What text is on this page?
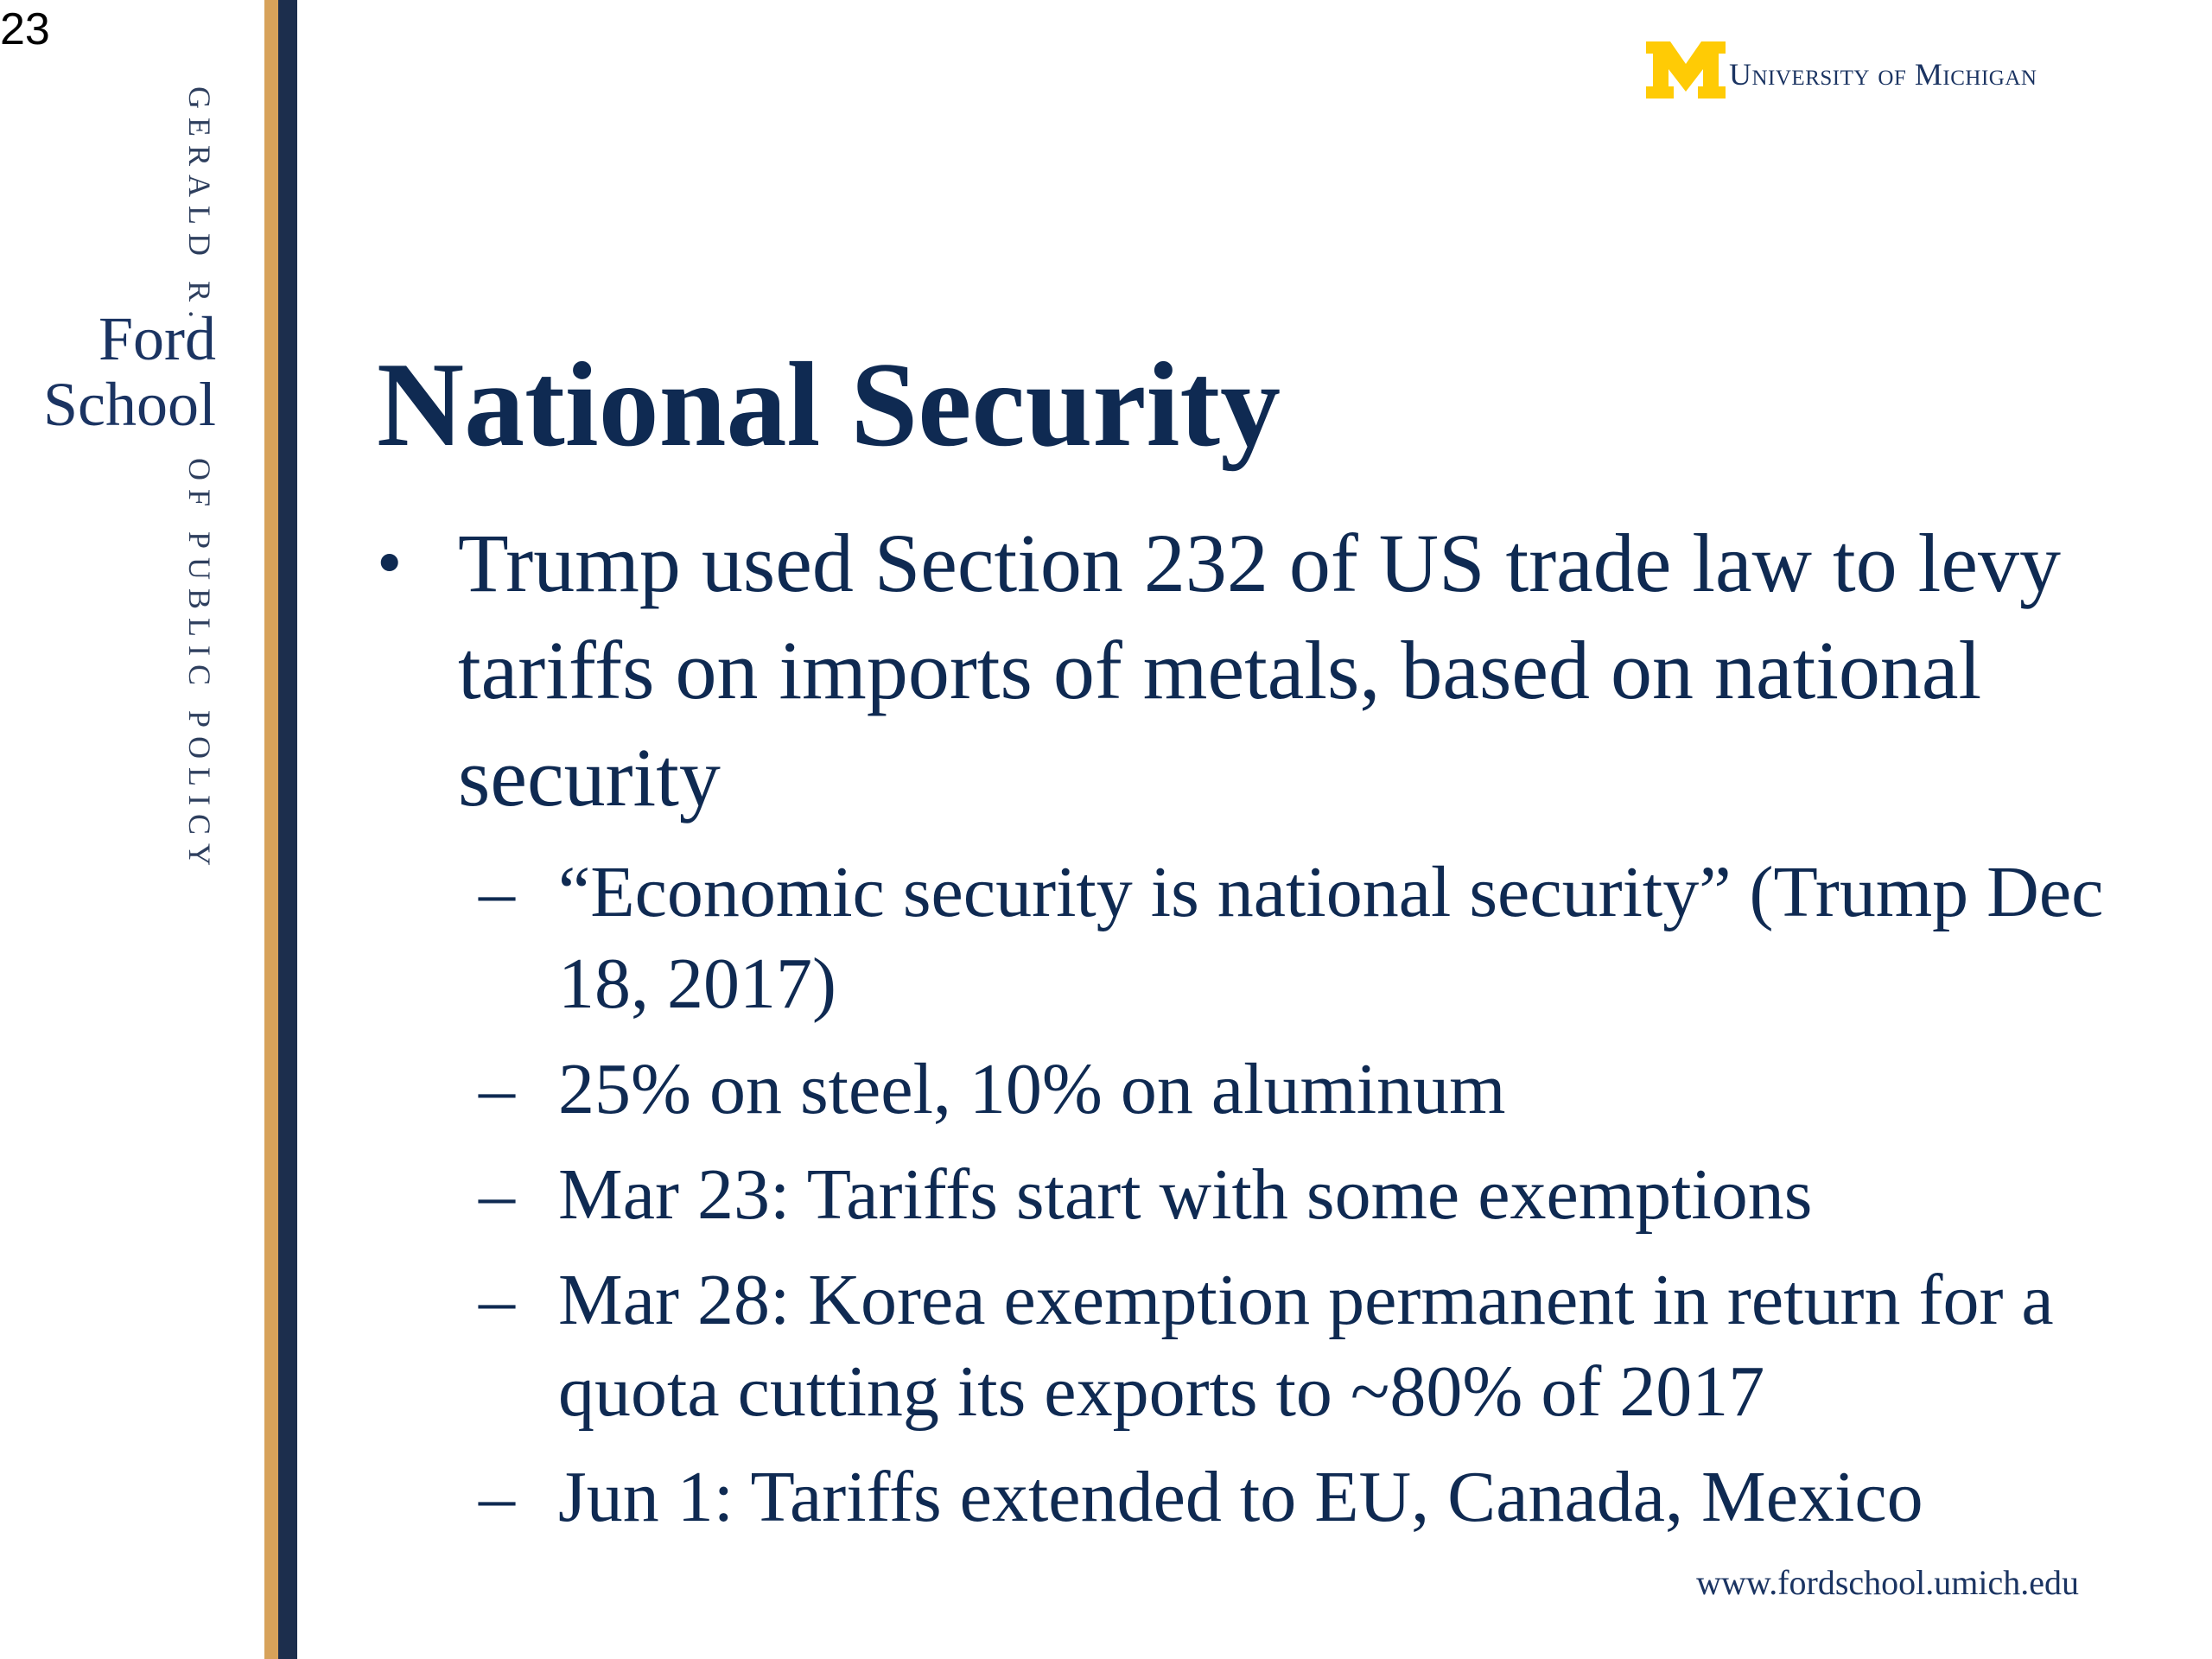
23
GERALD R.
Ford
School
OF PUBLIC POLICY
University of Michigan
National Security
• Trump used Section 232 of US trade law to levy tariffs on imports of metals, based on national security
– “Economic security is national security” (Trump Dec 18, 2017)
– 25% on steel, 10% on aluminum
– Mar 23: Tariffs start with some exemptions
– Mar 28: Korea exemption permanent in return for a quota cutting its exports to ~80% of 2017
– Jun 1: Tariffs extended to EU, Canada, Mexico
www.fordschool.umich.edu
